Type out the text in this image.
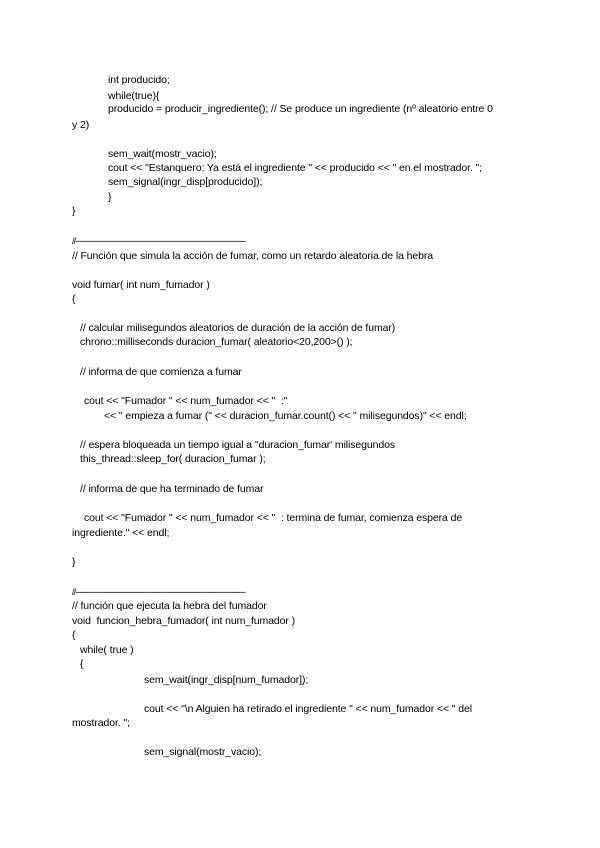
int producido;
while(true){
producido = producir_ingrediente(); // Se produce un ingrediente (nº aleatorio entre 0
y 2)
sem_wait(mostr_vacio);
cout << "Estanquero: Ya está el ingrediente " << producido << " en el mostrador. ";
sem_signal(ingr_disp[producido]);
}
}
//---------------------------------------------------------------------------------
// Función que simula la acción de fumar, como un retardo aleatoria de la hebra
void fumar( int num_fumador )
{
// calcular milisegundos aleatorios de duración de la acción de fumar)
chrono::milliseconds duracion_fumar( aleatorio<20,200>() );
// informa de que comienza a fumar
cout << "Fumador " << num_fumador << "  :"
<< " empieza a fumar (" << duracion_fumar.count() << " milisegundos)" << endl;
// espera bloqueada un tiempo igual a ''duracion_fumar' milisegundos
this_thread::sleep_for( duracion_fumar );
// informa de que ha terminado de fumar
cout << "Fumador " << num_fumador << "  : termina de fumar, comienza espera de
ingrediente." << endl;
}
//---------------------------------------------------------------------------------
// función que ejecuta la hebra del fumador
void  funcion_hebra_fumador( int num_fumador )
{
while( true )
{
sem_wait(ingr_disp[num_fumador]);
cout << "\n Alguien ha retirado el ingrediente " << num_fumador << " del
mostrador. ";
sem_signal(mostr_vacio);
